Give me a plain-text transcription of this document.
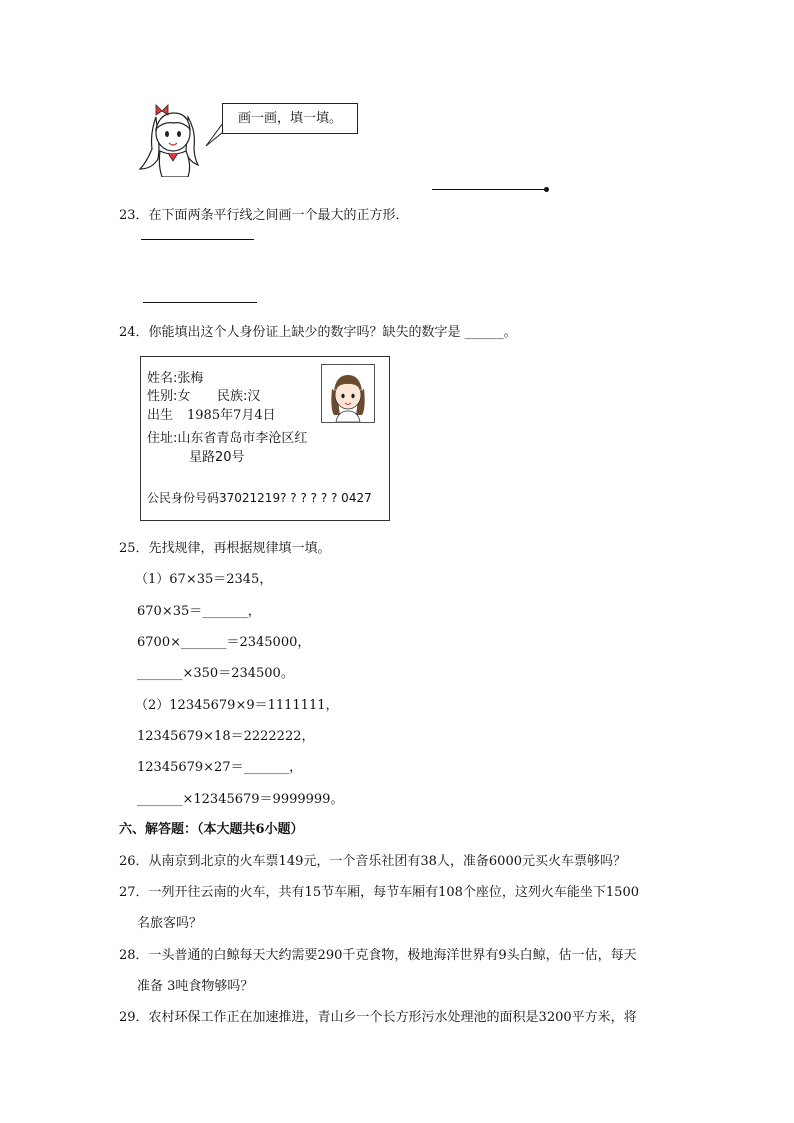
画一画，填一填。
23．在下面两条平行线之间画一个最大的正方形．
24．你能填出这个人身份证上缺少的数字吗？缺失的数字是 ______。
姓名:张梅
性别:女 民族:汉
出生 1985年7月4日
住址:山东省青岛市李沧区红
星路20号
公民身份号码37021219? ? ? ? ? ? 0427
25．先找规律，再根据规律填一填。
（1）67×35＝2345，
670×35＝_______，
6700×_______＝2345000，
_______×350＝234500。
（2）12345679×9＝1111111，
12345679×18＝2222222，
12345679×27＝_______，
_______×12345679＝9999999。
六、解答题：（本大题共6小题）
26．从南京到北京的火车票149元，一个音乐社团有38人，准备6000元买火车票够吗？
27．一列开往云南的火车，共有15节车厢，每节车厢有108个座位，这列火车能坐下1500
名旅客吗？
28．一头普通的白鲸每天大约需要290千克食物，极地海洋世界有9头白鲸，估一估，每天
准备 3吨食物够吗？
29．农村环保工作正在加速推进，青山乡一个长方形污水处理池的面积是3200平方米，将
